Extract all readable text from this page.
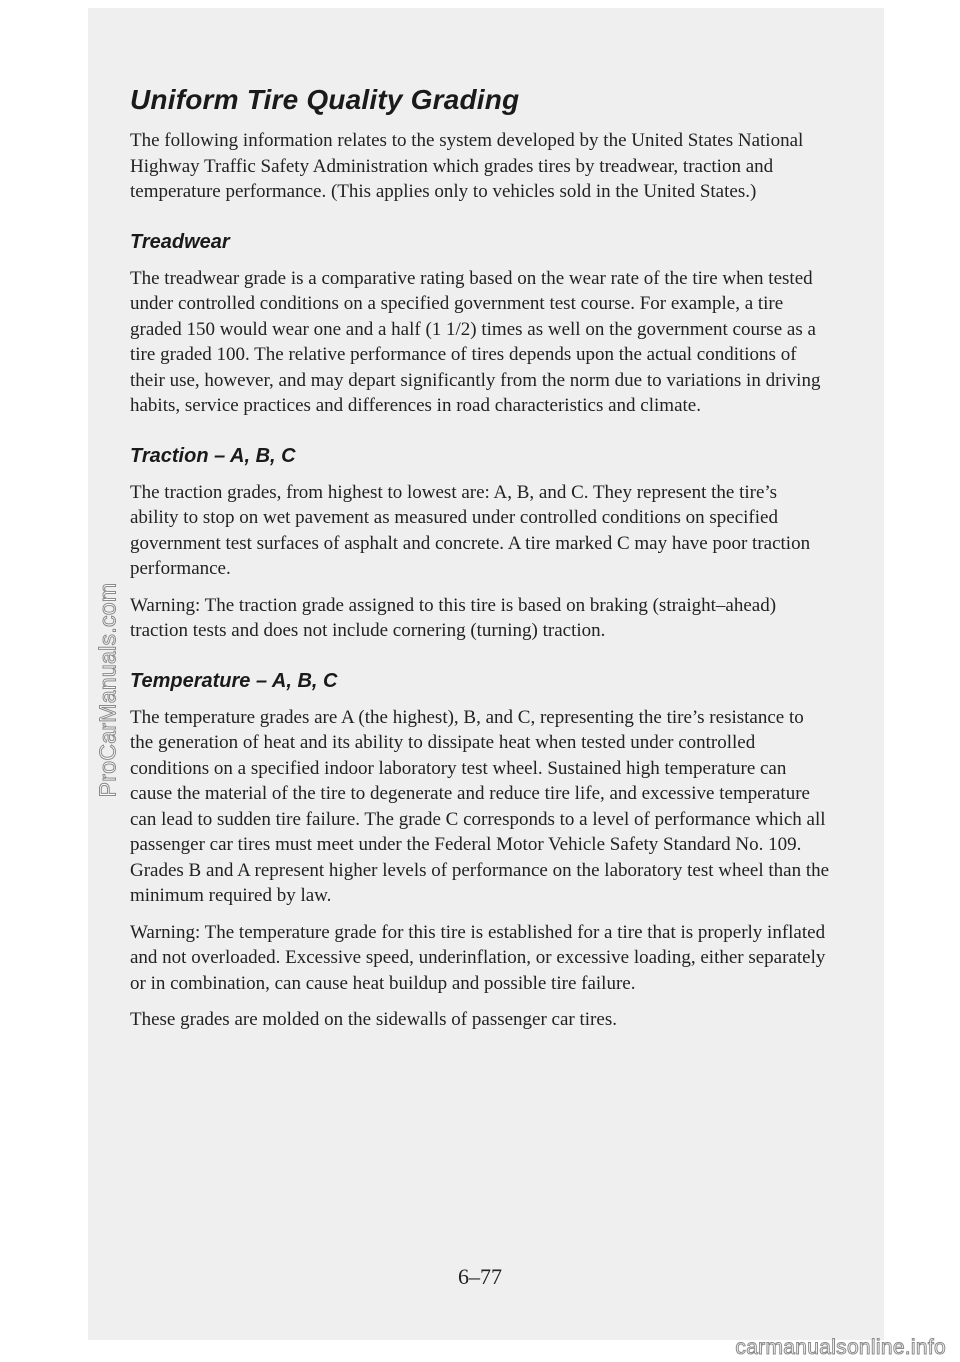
Uniform Tire Quality Grading

The following information relates to the system developed by the United States National Highway Traffic Safety Administration which grades tires by treadwear, traction and temperature performance. (This applies only to vehicles sold in the United States.)

Treadwear

The treadwear grade is a comparative rating based on the wear rate of the tire when tested under controlled conditions on a specified government test course. For example, a tire graded 150 would wear one and a half (1 1/2) times as well on the government course as a tire graded 100. The relative performance of tires depends upon the actual conditions of their use, however, and may depart significantly from the norm due to variations in driving habits, service practices and differences in road characteristics and climate.

Traction – A, B, C

The traction grades, from highest to lowest are: A, B, and C. They represent the tire’s ability to stop on wet pavement as measured under controlled conditions on specified government test surfaces of asphalt and concrete. A tire marked C may have poor traction performance.

Warning: The traction grade assigned to this tire is based on braking (straight–ahead) traction tests and does not include cornering (turning) traction.

Temperature – A, B, C

The temperature grades are A (the highest), B, and C, representing the tire’s resistance to the generation of heat and its ability to dissipate heat when tested under controlled conditions on a specified indoor laboratory test wheel. Sustained high temperature can cause the material of the tire to degenerate and reduce tire life, and excessive temperature can lead to sudden tire failure. The grade C corresponds to a level of performance which all passenger car tires must meet under the Federal Motor Vehicle Safety Standard No. 109. Grades B and A represent higher levels of performance on the laboratory test wheel than the minimum required by law.

Warning: The temperature grade for this tire is established for a tire that is properly inflated and not overloaded. Excessive speed, underinflation, or excessive loading, either separately or in combination, can cause heat buildup and possible tire failure.

These grades are molded on the sidewalls of passenger car tires.

6–77
ProCarManuals.com
carmanualsonline.info
